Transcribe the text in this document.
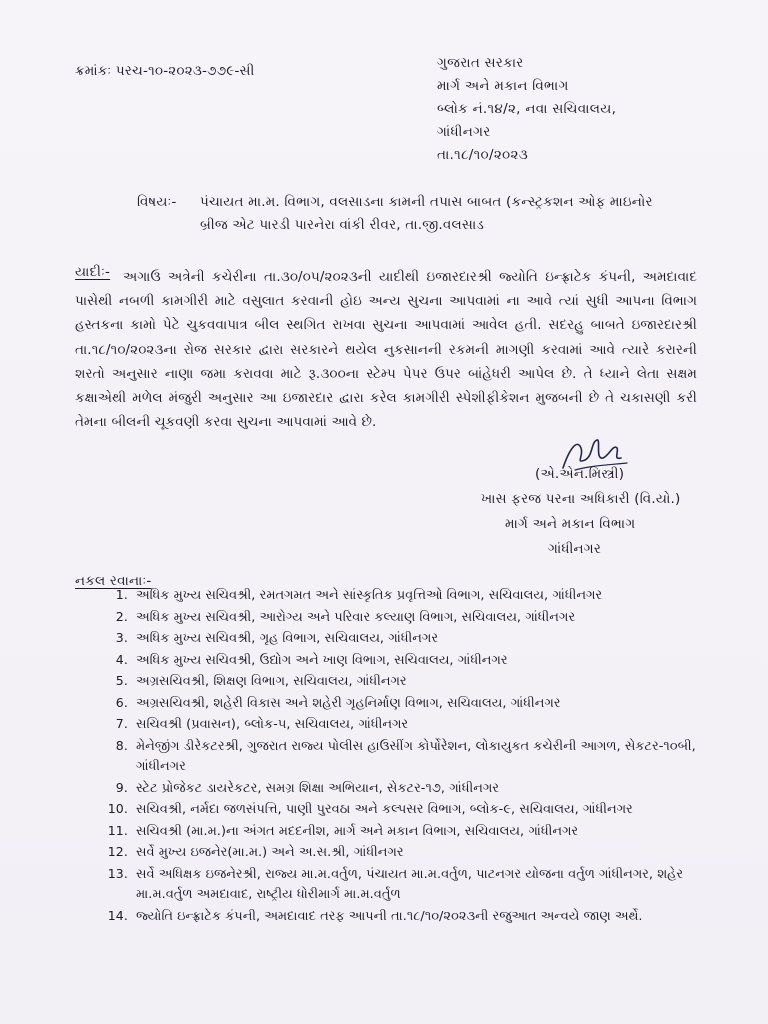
ક્રમાંકઃ પરચ-૧૦-૨૦૨૩-૭૭૯-સી	ગુજરાત સરકાર
માર્ગ અને મકાન વિભાગ
બ્લોક નં.૧૪/૨, નવા સચિવાલય,
ગાંધીનગર
તા.૧૮/૧૦/૨૦૨૩
વિષયઃ- પંચાયત મા.મ. વિભાગ, વલસાડના કામની તપાસ બાબત (કન્સ્ટ્રકશન ઓફ માઇનોર
બ્રીજ એટ પારડી પારનેરા વાંકી રીવર, તા.જી.વલસાડ
યાદીઃ- અગાઉ અત્રેની કચેરીના તા.૩૦/૦૫/૨૦૨૩ની યાદીથી ઇજારદારશ્રી જ્યોતિ ઇન્ફ્રાટેક કંપની, અમદાવાદ પાસેથી નબળી કામગીરી માટે વસુલાત કરવાની હોઇ અન્ય સુચના આપવામાં ના આવે ત્યાં સુધી આપના વિભાગ હસ્તકના કામો પેટે ચુકવવાપાત્ર બીલ સ્થગિત રાખવા સુચના આપવામાં આવેલ હતી. સદરહુ બાબતે ઇજારદારશ્રી તા.૧૮/૧૦/૨૦૨૩ના રોજ સરકાર દ્વારા સરકારને થયેલ નુકસાનની રકમની માગણી કરવામાં આવે ત્યારે કરારની શરતો અનુસાર નાણા જમા કરાવવા માટે રૂ.૩૦૦ના સ્ટેમ્પ પેપર ઉપર બાંહેધરી આપેલ છે. તે ધ્યાને લેતા સક્ષમ કક્ષાએથી મળેલ મંજુરી અનુસાર આ ઇજારદાર દ્વારા કરેલ કામગીરી સ્પેશીફીકેશન મુજબની છે તે ચકાસણી કરી તેમના બીલની ચૂકવણી કરવા સુચના આપવામાં આવે છે.
(એ.એન.મિસ્ત્રી)
ખાસ ફરજ પરના અધિકારી (વિ.યો.)
માર્ગ અને મકાન વિભાગ
ગાંધીનગર
નકલ રવાનાઃ-
1. અધિક મુખ્ય સચિવશ્રી, રમતગમત અને સાંસ્કૃતિક પ્રવૃત્તિઓ વિભાગ, સચિવાલય, ગાંધીનગર
2. અધિક મુખ્ય સચિવશ્રી, આરોગ્ય અને પરિવાર કલ્યાણ વિભાગ, સચિવાલય, ગાંધીનગર
3. અધિક મુખ્ય સચિવશ્રી, ગૃહ વિભાગ, સચિવાલય, ગાંધીનગર
4. અધિક મુખ્ય સચિવશ્રી, ઉદ્યોગ અને ખાણ વિભાગ, સચિવાલય, ગાંધીનગર
5. અગ્રસચિવશ્રી, શિક્ષણ વિભાગ, સચિવાલય, ગાંધીનગર
6. અગ્રસચિવશ્રી, શહેરી વિકાસ અને શહેરી ગૃહનિર્માણ વિભાગ, સચિવાલય, ગાંધીનગર
7. સચિવશ્રી (પ્રવાસન), બ્લોક-૫, સચિવાલય, ગાંધીનગર
8. મેનેજીંગ ડીરેકટરશ્રી, ગુજરાત રાજ્ય પોલીસ હાઉસીંગ કોર્પોરેશન, લોકાયુકત કચેરીની આગળ, સેકટર-૧૦બી, ગાંધીનગર
9. સ્ટેટ પ્રોજેકટ ડાયરેકટર, સમગ્ર શિક્ષા અભિયાન, સેકટર-૧૭, ગાંધીનગર
10. સચિવશ્રી, નર્મદા જળસંપત્તિ, પાણી પુરવઠા અને કલ્પસર વિભાગ, બ્લોક-૯, સચિવાલય, ગાંધીનગર
11. સચિવશ્રી (મા.મ.)ના અંગત મદદનીશ, માર્ગ અને મકાન વિભાગ, સચિવાલય, ગાંધીનગર
12. સર્વે મુખ્ય ઇજનેર(મા.મ.) અને અ.સ.શ્રી, ગાંધીનગર
13. સર્વે અધિક્ષક ઇજનેરશ્રી, રાજ્ય મા.મ.વર્તુળ, પંચાયત મા.મ.વર્તુળ, પાટનગર યોજના વર્તુળ ગાંધીનગર, શહેર મા.મ.વર્તુળ અમદાવાદ, રાષ્ટ્રીય ધોરીમાર્ગ મા.મ.વર્તુળ
14. જ્યોતિ ઇન્ફ્રાટેક કંપની, અમદાવાદ તરફ આપની તા.૧૮/૧૦/૨૦૨૩ની રજુઆત અન્વયે જાણ અર્થે.
